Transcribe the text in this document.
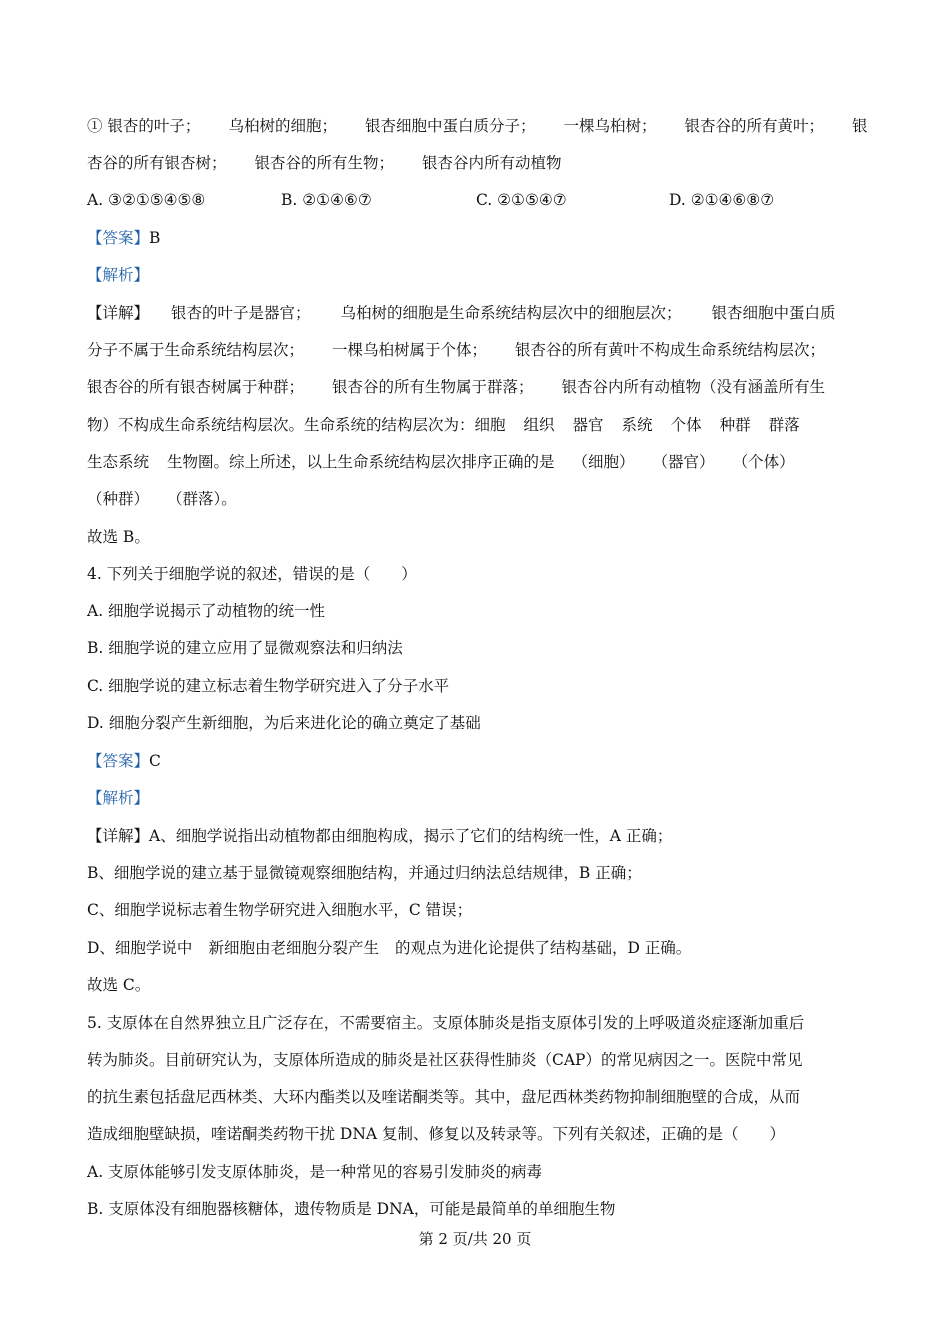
① 银杏的叶子； 乌桕树的细胞； 银杏细胞中蛋白质分子； 一棵乌桕树； 银杏谷的所有黄叶； 银
杏谷的所有银杏树； 银杏谷的所有生物； 银杏谷内所有动植物
A. ③②①⑤④⑤⑧	B. ②①④⑥⑦	C. ②①⑤④⑦	D. ②①④⑥⑧⑦
【答案】B
【解析】
【详解】 银杏的叶子是器官； 乌桕树的细胞是生命系统结构层次中的细胞层次； 银杏细胞中蛋白质
分子不属于生命系统结构层次； 一棵乌桕树属于个体； 银杏谷的所有黄叶不构成生命系统结构层次；
银杏谷的所有银杏树属于种群； 银杏谷的所有生物属于群落； 银杏谷内所有动植物（没有涵盖所有生
物）不构成生命系统结构层次。生命系统的结构层次为：细胞 组织 器官 系统 个体 种群 群落
生态系统 生物圈。综上所述，以上生命系统结构层次排序正确的是 （细胞） （器官） （个体）
（种群） （群落）。
故选 B。
4. 下列关于细胞学说的叙述，错误的是（　　）
A. 细胞学说揭示了动植物的统一性
B. 细胞学说的建立应用了显微观察法和归纳法
C. 细胞学说的建立标志着生物学研究进入了分子水平
D. 细胞分裂产生新细胞，为后来进化论的确立奠定了基础
【答案】C
【解析】
【详解】A、细胞学说指出动植物都由细胞构成，揭示了它们的结构统一性，A 正确；
B、细胞学说的建立基于显微镜观察细胞结构，并通过归纳法总结规律，B 正确；
C、细胞学说标志着生物学研究进入细胞水平，C 错误；
D、细胞学说中 新细胞由老细胞分裂产生 的观点为进化论提供了结构基础，D 正确。
故选 C。
5. 支原体在自然界独立且广泛存在，不需要宿主。支原体肺炎是指支原体引发的上呼吸道炎症逐渐加重后
转为肺炎。目前研究认为，支原体所造成的肺炎是社区获得性肺炎（CAP）的常见病因之一。医院中常见
的抗生素包括盘尼西林类、大环内酯类以及喹诺酮类等。其中，盘尼西林类药物抑制细胞壁的合成，从而
造成细胞壁缺损，喹诺酮类药物干扰 DNA 复制、修复以及转录等。下列有关叙述，正确的是（　　）
A. 支原体能够引发支原体肺炎，是一种常见的容易引发肺炎的病毒
B. 支原体没有细胞器核糖体，遗传物质是 DNA，可能是最简单的单细胞生物
第 2 页/共 20 页
